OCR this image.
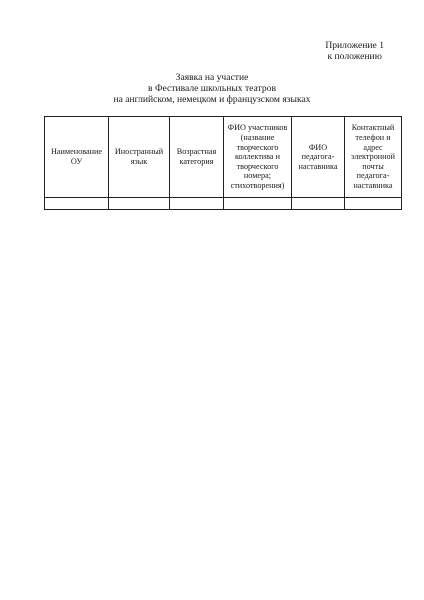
Приложение 1
к положению
Заявка на участие
в Фестивале школьных театров
на английском, немецком и французском языках
Наименование ОУ	Иностранный язык	Возрастная категория	ФИО участников (название творческого коллектива и творческого номера; стихотворения)	ФИО педагога-наставника	Контактный телефон и адрес электронной почты педагога-наставника
